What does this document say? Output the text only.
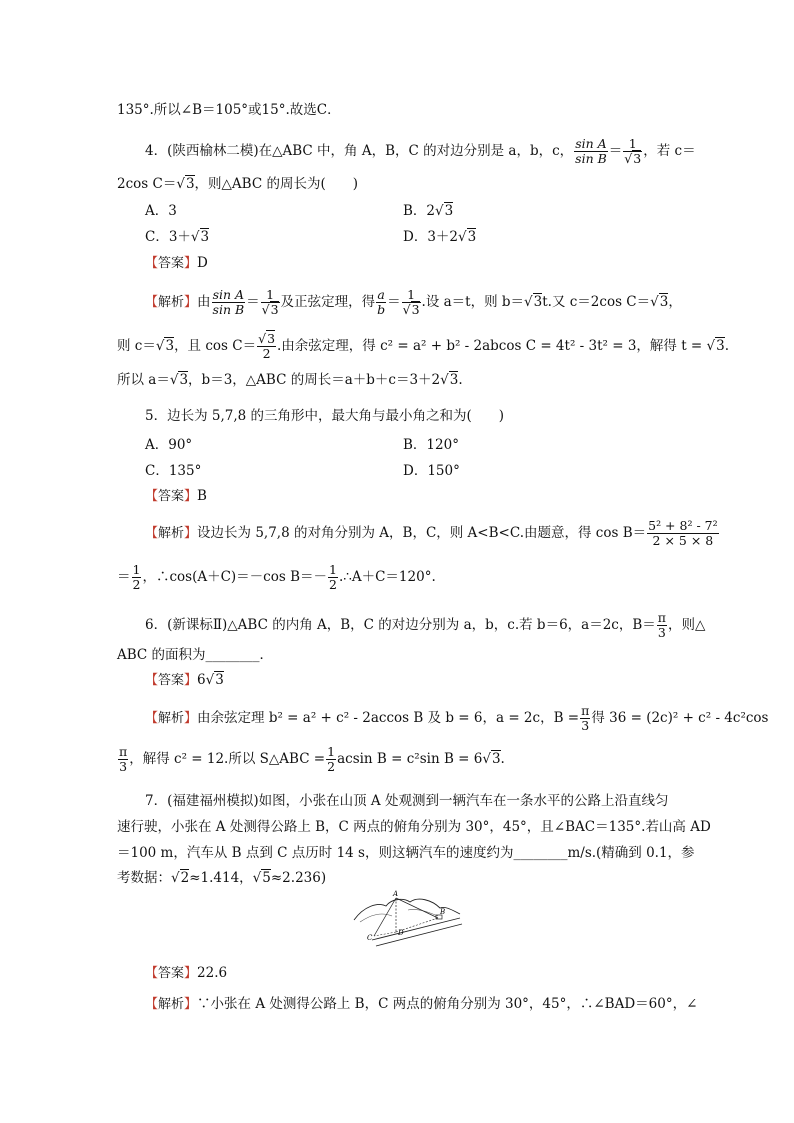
135°.所以∠B＝105°或15°.故选C．
4．(陕西榆林二模)在△ABC 中，角 A，B，C 的对边分别是 a，b，c， $\frac{\text{sin A}}{\text{sin B}} = \frac{1}{√3}$ ，若 c＝
2cos C＝√3，则△ABC 的周长为(　　)
A．3	B．2√3
C．3＋√3	D．3＋2√3
【答案】D
【解析】由 $\frac{\text{sin A}}{\text{sin B}} = \frac{1}{√3}$ 及正弦定理，得 $\frac{a}{b} = \frac{1}{√3}$ .设 a＝t，则 b＝√3t.又 c＝2cos C＝√3，
则 c＝√3，且 $\cos C= \frac{√3}{2}$ .由余弦定理，得 c² = a² + b² - 2abcos C = 4t² - 3t² = 3，解得 t = √3.
所以 a＝√3，b＝3，△ABC 的周长＝a＋b＋c＝3＋2√3.
5．边长为 5,7,8 的三角形中，最大角与最小角之和为(　　)
A．90°	B．120°
C．135°	D．150°
【答案】B
【解析】设边长为 5,7,8 的对角分别为 A，B，C，则 A<B<C.由题意，得 $\cos B= \frac{\text{5² + 8² - 7²}}{2 \times 5 \times 8}$
＝ $\frac{1}{2}$ ，∴cos(A＋C)＝－cos $B=- \frac{1}{2}$ .∴A＋C＝120°.
6．(新课标Ⅱ)△ABC 的内角 A，B，C 的对边分别为 a，b，c.若 b＝6，a＝2c，$B= \frac{\pi}{3}$ ，则△
ABC 的面积为________．
【答案】6√3
【解析】由余弦定理 b² = a² + c² - 2accos B 及 b = 6，a = 2c，$B = \frac{\pi}{3}$ 得 36 = (2c)² + c² - 4c²cos
$\frac{\pi}{3}$ ，解得 c² = 12.所以 S△ABC = $\frac{1}{2}$ acsin B = c²sin B = 6√3.
7．(福建福州模拟)如图，小张在山顶 A 处观测到一辆汽车在一条水平的公路上沿直线匀
速行驶，小张在 A 处测得公路上 B，C 两点的俯角分别为 30°，45°，且∠BAC＝135°.若山高 AD
＝100 m，汽车从 B 点到 C 点历时 14 s，则这辆汽车的速度约为________m/s.(精确到 0.1，参
考数据：√2≈1.414，√5≈2.236)
A
D
C
B
【答案】22.6
【解析】∵小张在 A 处测得公路上 B，C 两点的俯角分别为 30°，45°，∴∠BAD＝60°，∠
